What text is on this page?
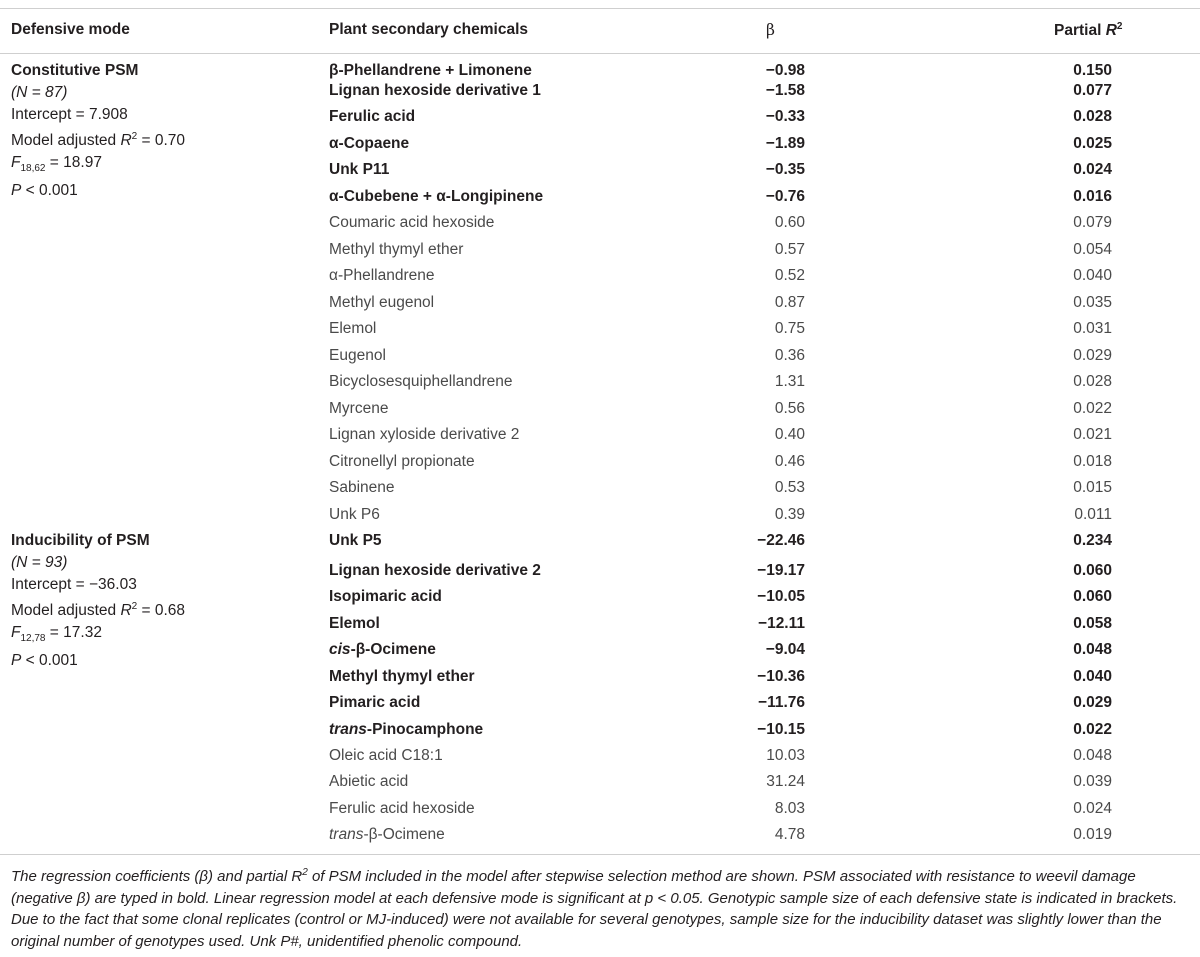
Defensive mode	Plant secondary chemicals	β	Partial $R^2$
Constitutive PSM
(N = 87)
Intercept = 7.908
Model adjusted $R^2 = 0.70$
$F_{18,62} = 18.97$
P < 0.001
β-Phellandrene + Limonene	−0.98	0.150
Lignan hexoside derivative 1	−1.58	0.077
Ferulic acid	−0.33	0.028
α-Copaene	−1.89	0.025
Unk P11	−0.35	0.024
α-Cubebene + α-Longipinene	−0.76	0.016
Coumaric acid hexoside	0.60	0.079
Methyl thymyl ether	0.57	0.054
α-Phellandrene	0.52	0.040
Methyl eugenol	0.87	0.035
Elemol	0.75	0.031
Eugenol	0.36	0.029
Bicyclosesquiphellandrene	1.31	0.028
Myrcene	0.56	0.022
Lignan xyloside derivative 2	0.40	0.021
Citronellyl propionate	0.46	0.018
Sabinene	0.53	0.015
Unk P6	0.39	0.011
Inducibility of PSM
(N = 93)
Intercept = −36.03
Model adjusted $R^2 = 0.68$
$F_{12,78} = 17.32$
P < 0.001
Unk P5	−22.46	0.234
Lignan hexoside derivative 2	−19.17	0.060
Isopimaric acid	−10.05	0.060
Elemol	−12.11	0.058
cis-β-Ocimene	−9.04	0.048
Methyl thymyl ether	−10.36	0.040
Pimaric acid	−11.76	0.029
trans-Pinocamphone	−10.15	0.022
Oleic acid C18:1	10.03	0.048
Abietic acid	31.24	0.039
Ferulic acid hexoside	8.03	0.024
trans-β-Ocimene	4.78	0.019
The regression coefficients (β) and partial $R^2$ of PSM included in the model after stepwise selection method are shown. PSM associated with resistance to weevil damage (negative β) are typed in bold. Linear regression model at each defensive mode is significant at p < 0.05. Genotypic sample size of each defensive state is indicated in brackets. Due to the fact that some clonal replicates (control or MJ-induced) were not available for several genotypes, sample size for the inducibility dataset was slightly lower than the original number of genotypes used. Unk P#, unidentified phenolic compound.
